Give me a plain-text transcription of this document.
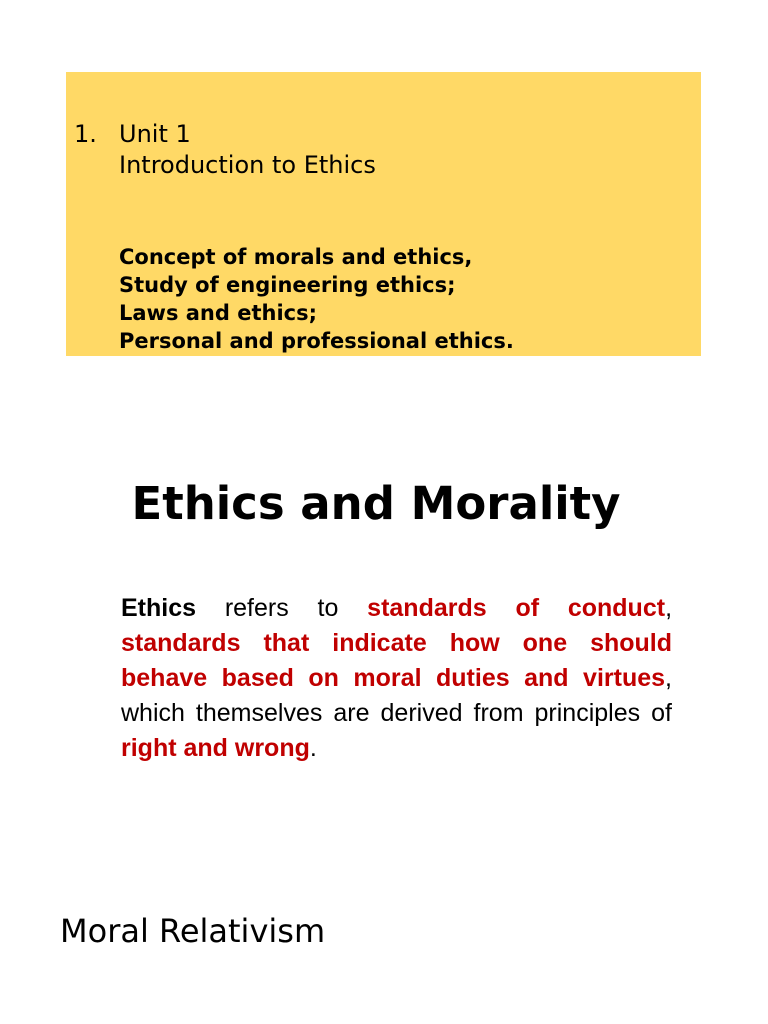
1. Unit 1
Introduction to Ethics
Concept of morals and ethics,
Study of engineering ethics;
Laws and ethics;
Personal and professional ethics.
Ethics and Morality

Ethics refers to standards of conduct, standards that indicate how one should behave based on moral duties and virtues, which themselves are derived from principles of right and wrong.

Moral Relativism
